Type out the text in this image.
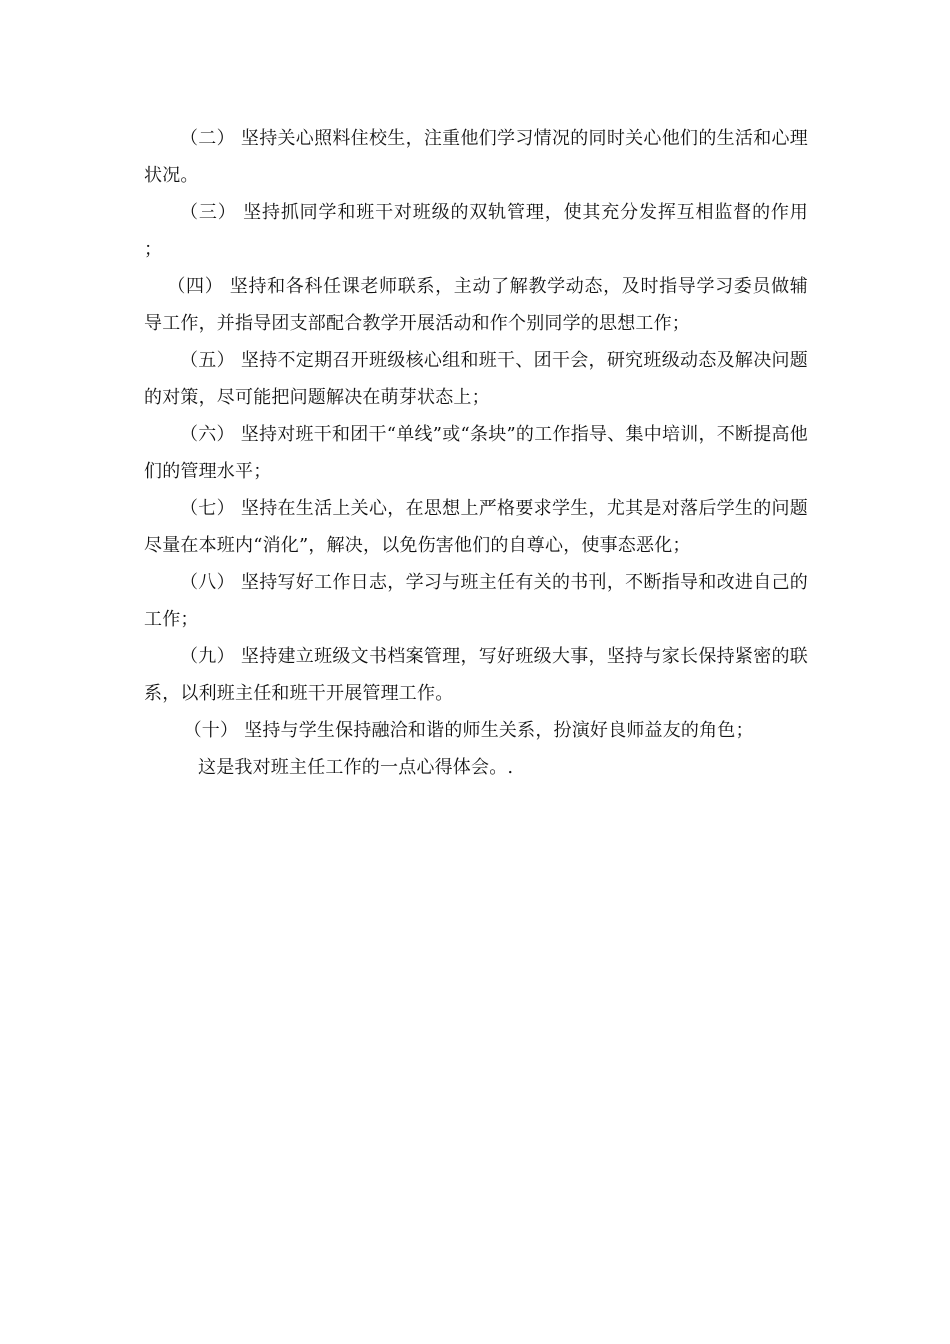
（二） 坚持关心照料住校生，注重他们学习情况的同时关心他们的生活和心理状况。

（三） 坚持抓同学和班干对班级的双轨管理，使其充分发挥互相监督的作用 ；

（四） 坚持和各科任课老师联系，主动了解教学动态，及时指导学习委员做辅导工作，并指导团支部配合教学开展活动和作个别同学的思想工作；

（五） 坚持不定期召开班级核心组和班干、团干会，研究班级动态及解决问题的对策，尽可能把问题解决在萌芽状态上；

（六） 坚持对班干和团干“单线”或“条块”的工作指导、集中培训，不断提高他们的管理水平；

（七） 坚持在生活上关心，在思想上严格要求学生，尤其是对落后学生的问题尽量在本班内“消化”，解决，以免伤害他们的自尊心，使事态恶化；

（八） 坚持写好工作日志，学习与班主任有关的书刊，不断指导和改进自己的工作；

（九） 坚持建立班级文书档案管理，写好班级大事，坚持与家长保持紧密的联系，以利班主任和班干开展管理工作。

（十） 坚持与学生保持融洽和谐的师生关系，扮演好良师益友的角色；

这是我对班主任工作的一点心得体会。.
